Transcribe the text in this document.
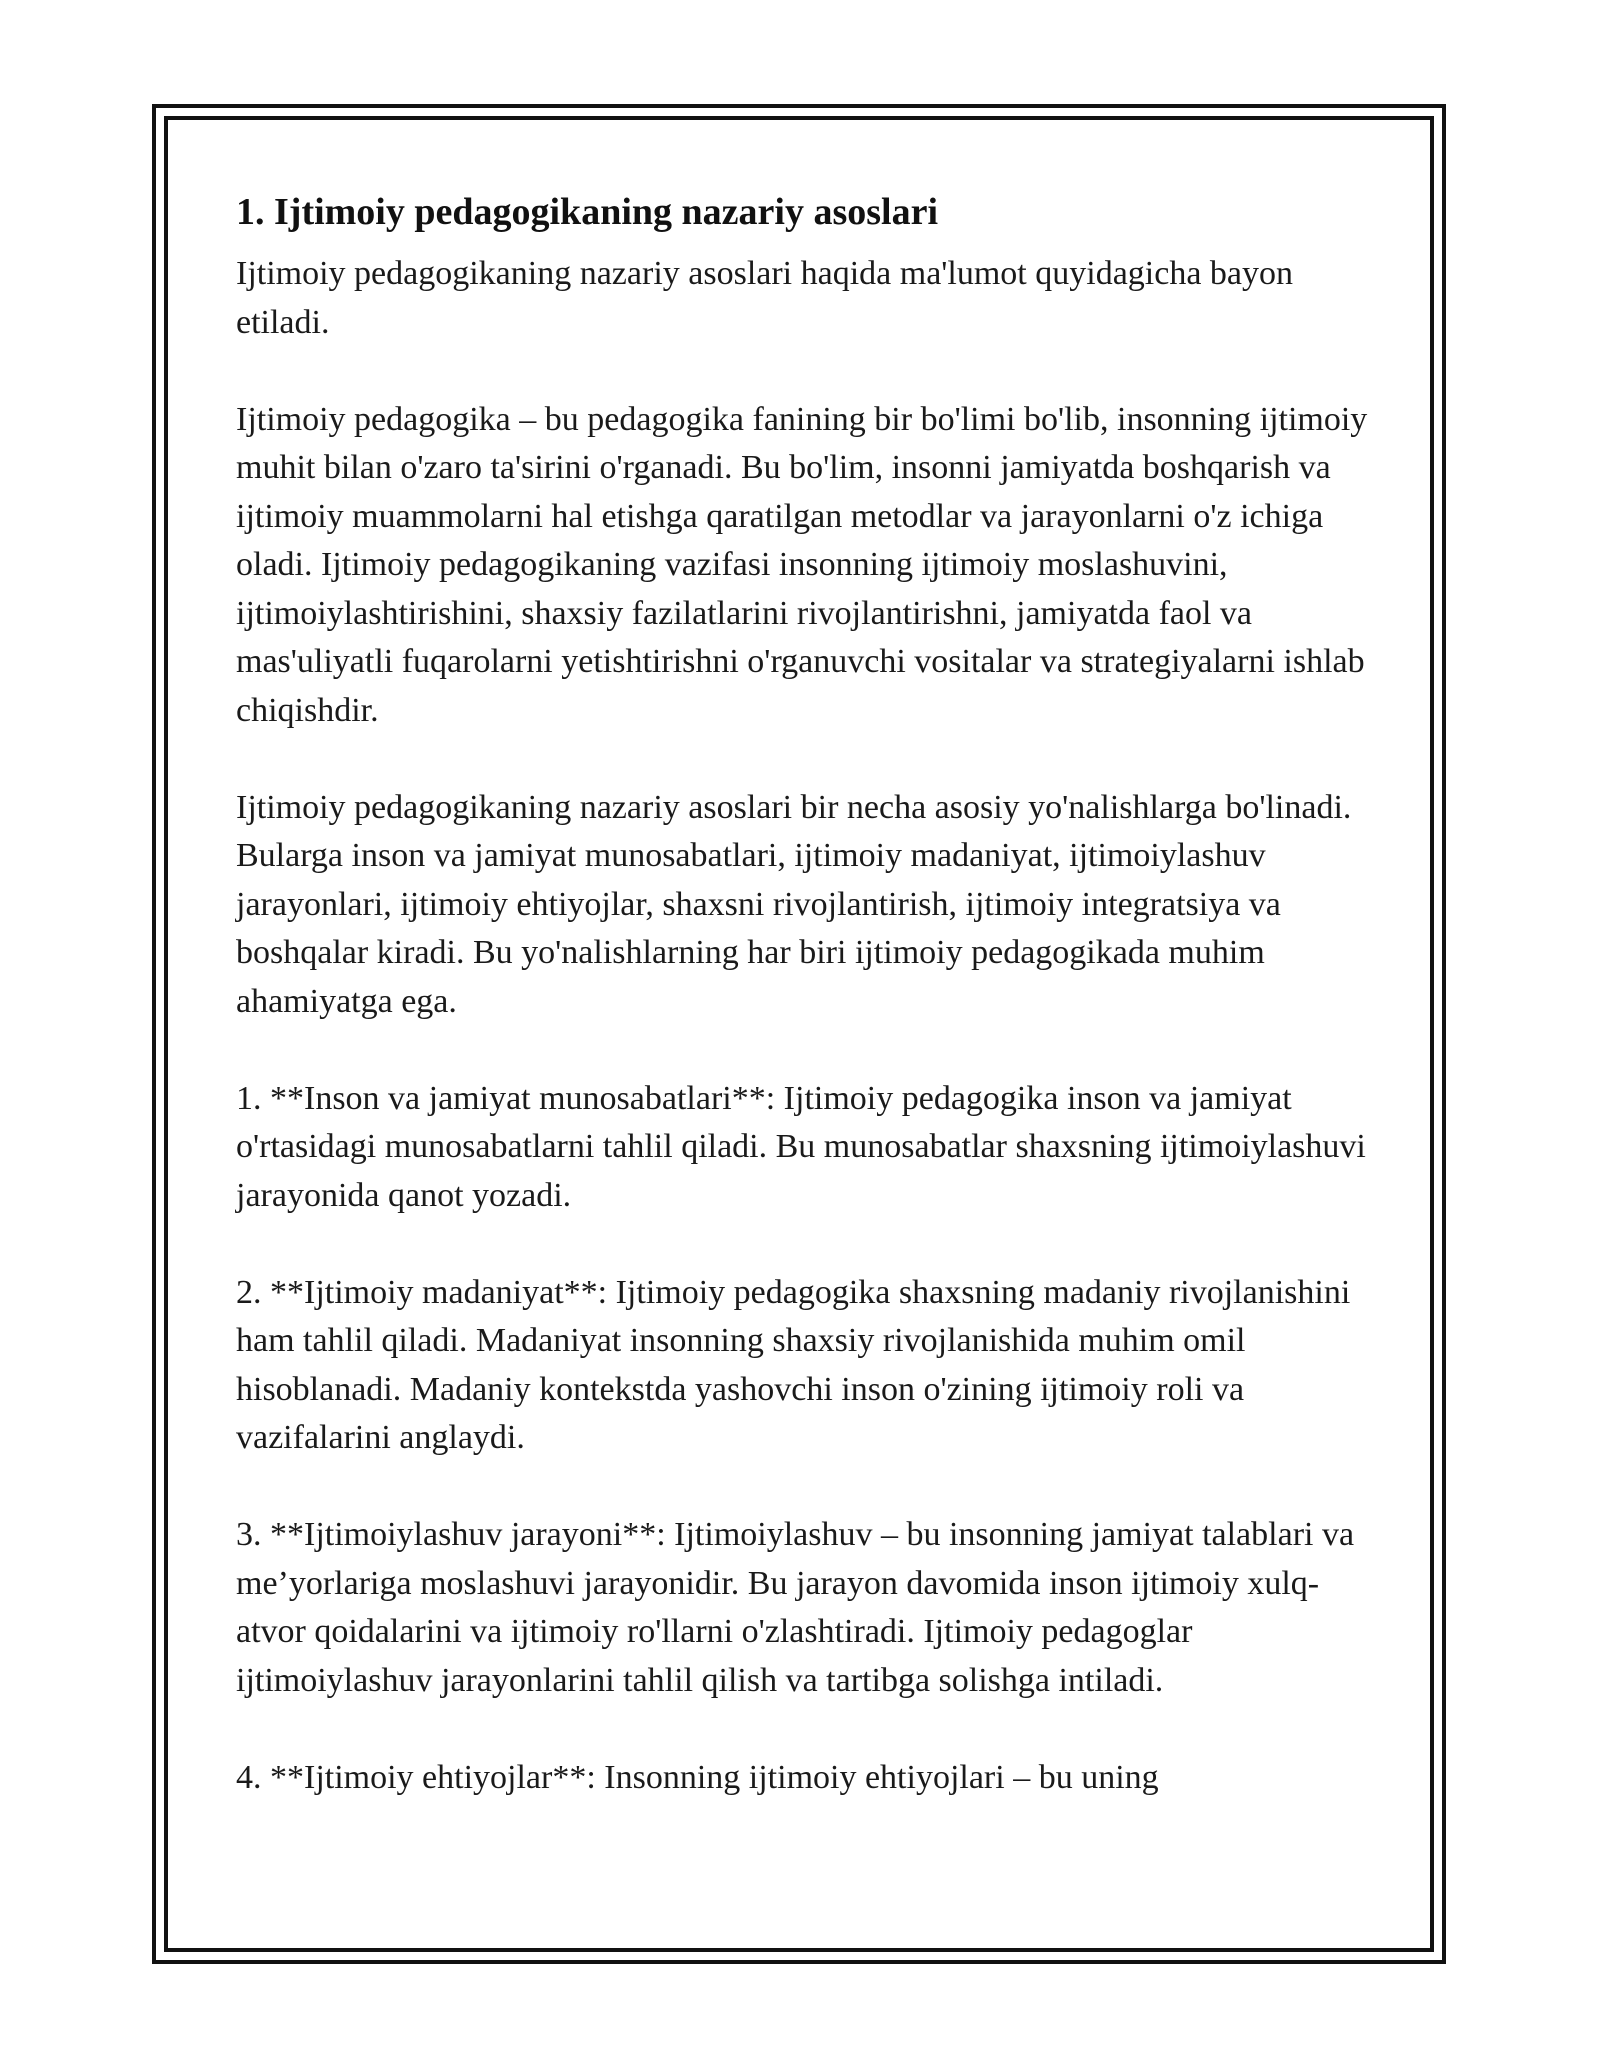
1. Ijtimoiy pedagogikaning nazariy asoslari

Ijtimoiy pedagogikaning nazariy asoslari haqida ma'lumot quyidagicha bayon etiladi.

Ijtimoiy pedagogika – bu pedagogika fanining bir bo'limi bo'lib, insonning ijtimoiy muhit bilan o'zaro ta'sirini o'rganadi. Bu bo'lim, insonni jamiyatda boshqarish va ijtimoiy muammolarni hal etishga qaratilgan metodlar va jarayonlarni o'z ichiga oladi. Ijtimoiy pedagogikaning vazifasi insonning ijtimoiy moslashuvini, ijtimoiylashtirishini, shaxsiy fazilatlarini rivojlantirishni, jamiyatda faol va mas'uliyatli fuqarolarni yetishtirishni o'rganuvchi vositalar va strategiyalarni ishlab chiqishdir.

Ijtimoiy pedagogikaning nazariy asoslari bir necha asosiy yo'nalishlarga bo'linadi. Bularga inson va jamiyat munosabatlari, ijtimoiy madaniyat, ijtimoiylashuv jarayonlari, ijtimoiy ehtiyojlar, shaxsni rivojlantirish, ijtimoiy integratsiya va boshqalar kiradi. Bu yo'nalishlarning har biri ijtimoiy pedagogikada muhim ahamiyatga ega.

1. **Inson va jamiyat munosabatlari**: Ijtimoiy pedagogika inson va jamiyat o'rtasidagi munosabatlarni tahlil qiladi. Bu munosabatlar shaxsning ijtimoiylashuvi jarayonida qanot yozadi.

2. **Ijtimoiy madaniyat**: Ijtimoiy pedagogika shaxsning madaniy rivojlanishini ham tahlil qiladi. Madaniyat insonning shaxsiy rivojlanishida muhim omil hisoblanadi. Madaniy kontekstda yashovchi inson o'zining ijtimoiy roli va vazifalarini anglaydi.

3. **Ijtimoiylashuv jarayoni**: Ijtimoiylashuv – bu insonning jamiyat talablari va me’yorlariga moslashuvi jarayonidir. Bu jarayon davomida inson ijtimoiy xulq-atvor qoidalarini va ijtimoiy ro'llarni o'zlashtiradi. Ijtimoiy pedagoglar ijtimoiylashuv jarayonlarini tahlil qilish va tartibga solishga intiladi.

4. **Ijtimoiy ehtiyojlar**: Insonning ijtimoiy ehtiyojlari – bu uning
